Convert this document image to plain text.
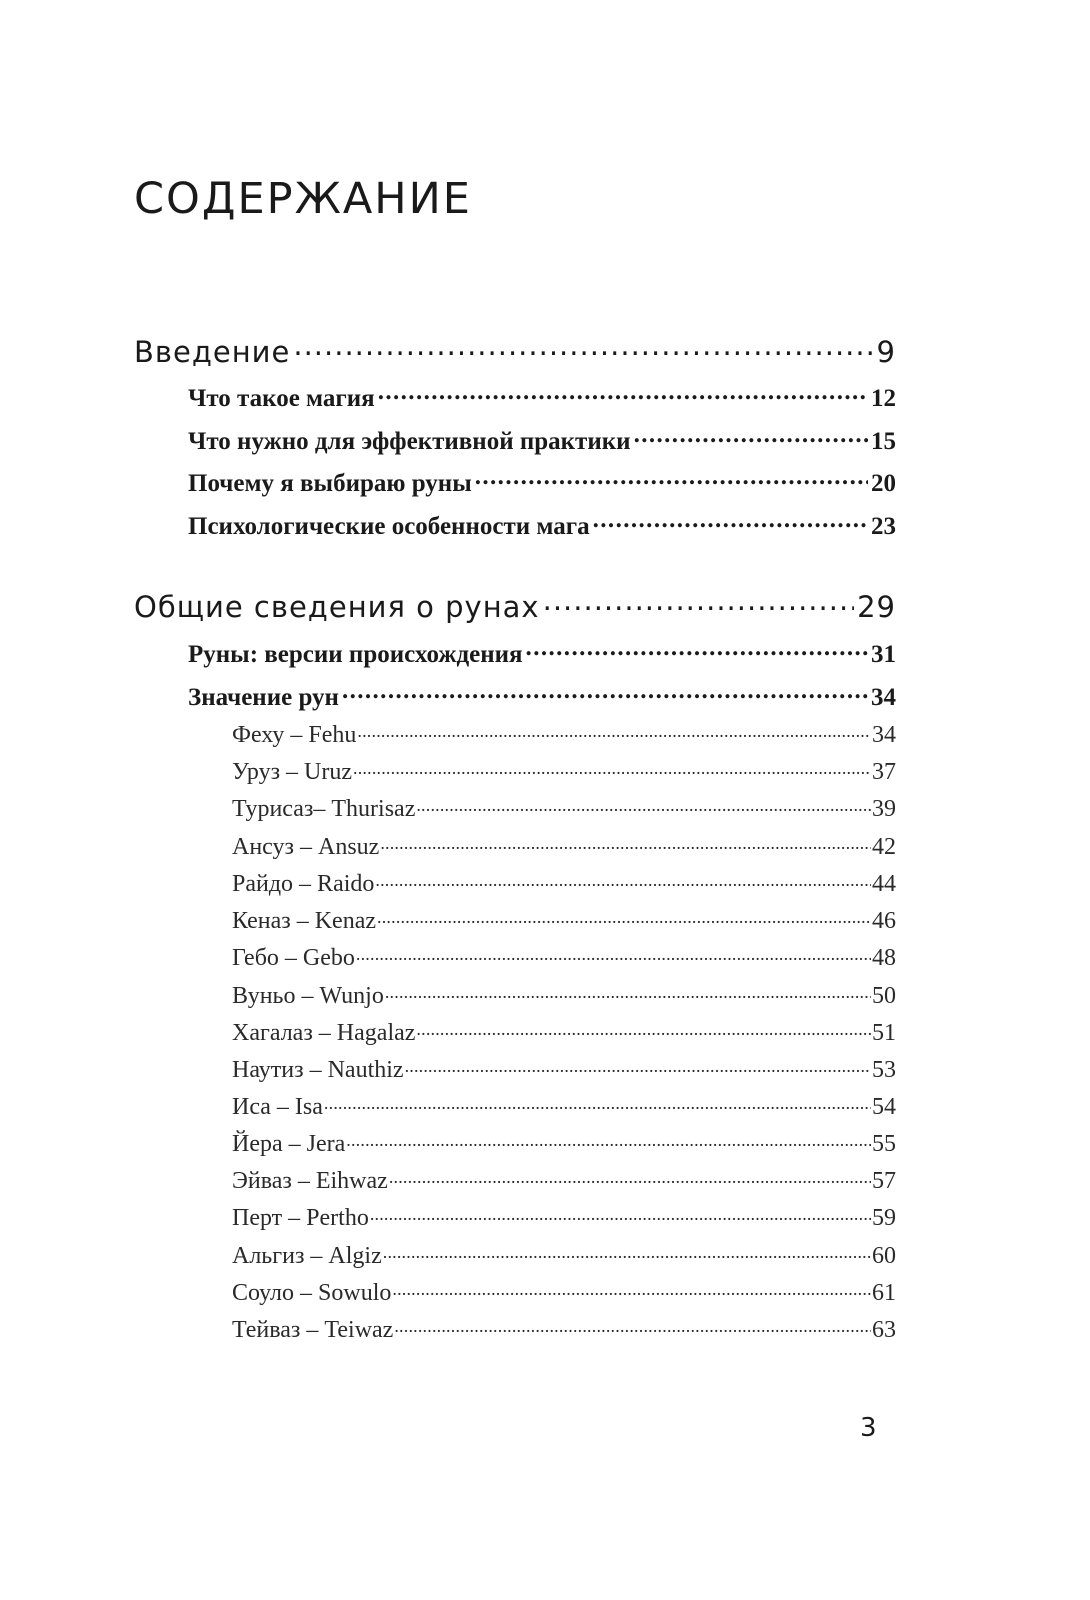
СОДЕРЖАНИЕ
Введение .....	9
Что такое магия .....	12
Что нужно для эффективной практики .....	15
Почему я выбираю руны .....	20
Психологические особенности мага .....	23
Общие сведения о рунах .....	29
Руны: версии происхождения .....	31
Значение рун .....	34
Феху – Fehu .....	34
Уруз – Uruz .....	37
Турисаз– Thurisaz .....	39
Ансуз – Ansuz .....	42
Райдо – Raido .....	44
Кеназ – Kenaz .....	46
Гебо – Gebo .....	48
Вуньо – Wunjo .....	50
Хагалаз – Hagalaz .....	51
Наутиз – Nauthiz .....	53
Иса – Isa .....	54
Йера – Jera .....	55
Эйваз – Eihwaz .....	57
Перт – Pertho .....	59
Альгиз – Algiz .....	60
Соуло – Sowulo .....	61
Тейваз – Teiwaz .....	63
3
